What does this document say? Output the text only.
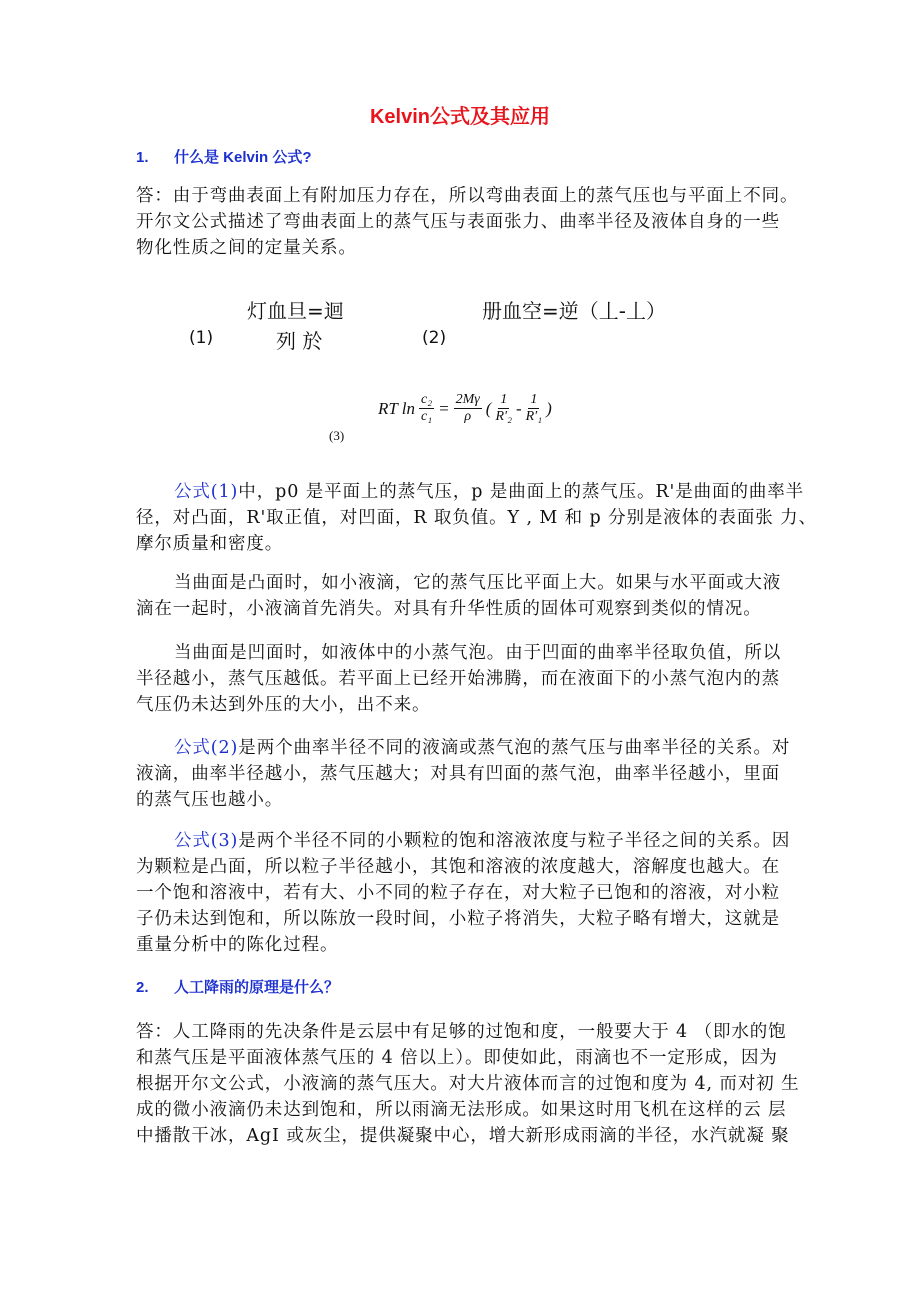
Kelvin公式及其应用
1. 什么是 Kelvin 公式?
答：由于弯曲表面上有附加压力存在，所以弯曲表面上的蒸气压也与平面上不同。
开尔文公式描述了弯曲表面上的蒸气压与表面张力、曲率半径及液体自身的一些
物化性质之间的定量关系。
灯血旦=迴
列 於
(1)
册血空=逆（丄-丄）
(2)
(3)
RT $\ln \frac{\text{c₂}}{\text{c₁}} = \frac{2M\gamma}{\rho}$ ( $\frac{1}{\text{R′₂}} - \frac{1}{\text{R′₁}}$ )
公式(1)中，p0 是平面上的蒸气压，p 是曲面上的蒸气压。R'是曲面的曲率半
径，对凸面，R'取正值，对凹面，R 取负值。Y , M 和 p 分别是液体的表面张 力、
摩尔质量和密度。
当曲面是凸面时，如小液滴，它的蒸气压比平面上大。如果与水平面或大液
滴在一起时，小液滴首先消失。对具有升华性质的固体可观察到类似的情况。
当曲面是凹面时，如液体中的小蒸气泡。由于凹面的曲率半径取负值，所以
半径越小，蒸气压越低。若平面上已经开始沸腾，而在液面下的小蒸气泡内的蒸
气压仍未达到外压的大小，出不来。
公式(2)是两个曲率半径不同的液滴或蒸气泡的蒸气压与曲率半径的关系。对
液滴，曲率半径越小，蒸气压越大；对具有凹面的蒸气泡，曲率半径越小，里面
的蒸气压也越小。
公式(3)是两个半径不同的小颗粒的饱和溶液浓度与粒子半径之间的关系。因
为颗粒是凸面，所以粒子半径越小，其饱和溶液的浓度越大，溶解度也越大。在
一个饱和溶液中，若有大、小不同的粒子存在，对大粒子已饱和的溶液，对小粒
子仍未达到饱和，所以陈放一段时间，小粒子将消失，大粒子略有增大，这就是
重量分析中的陈化过程。
2. 人工降雨的原理是什么？
答：人工降雨的先决条件是云层中有足够的过饱和度，一般要大于 4 （即水的饱
和蒸气压是平面液体蒸气压的 4 倍以上）。即使如此，雨滴也不一定形成，因为
根据开尔文公式，小液滴的蒸气压大。对大片液体而言的过饱和度为 4, 而对初 生
成的微小液滴仍未达到饱和，所以雨滴无法形成。如果这时用飞机在这样的云 层
中播散干冰，AgI 或灰尘，提供凝聚中心，增大新形成雨滴的半径，水汽就凝 聚
